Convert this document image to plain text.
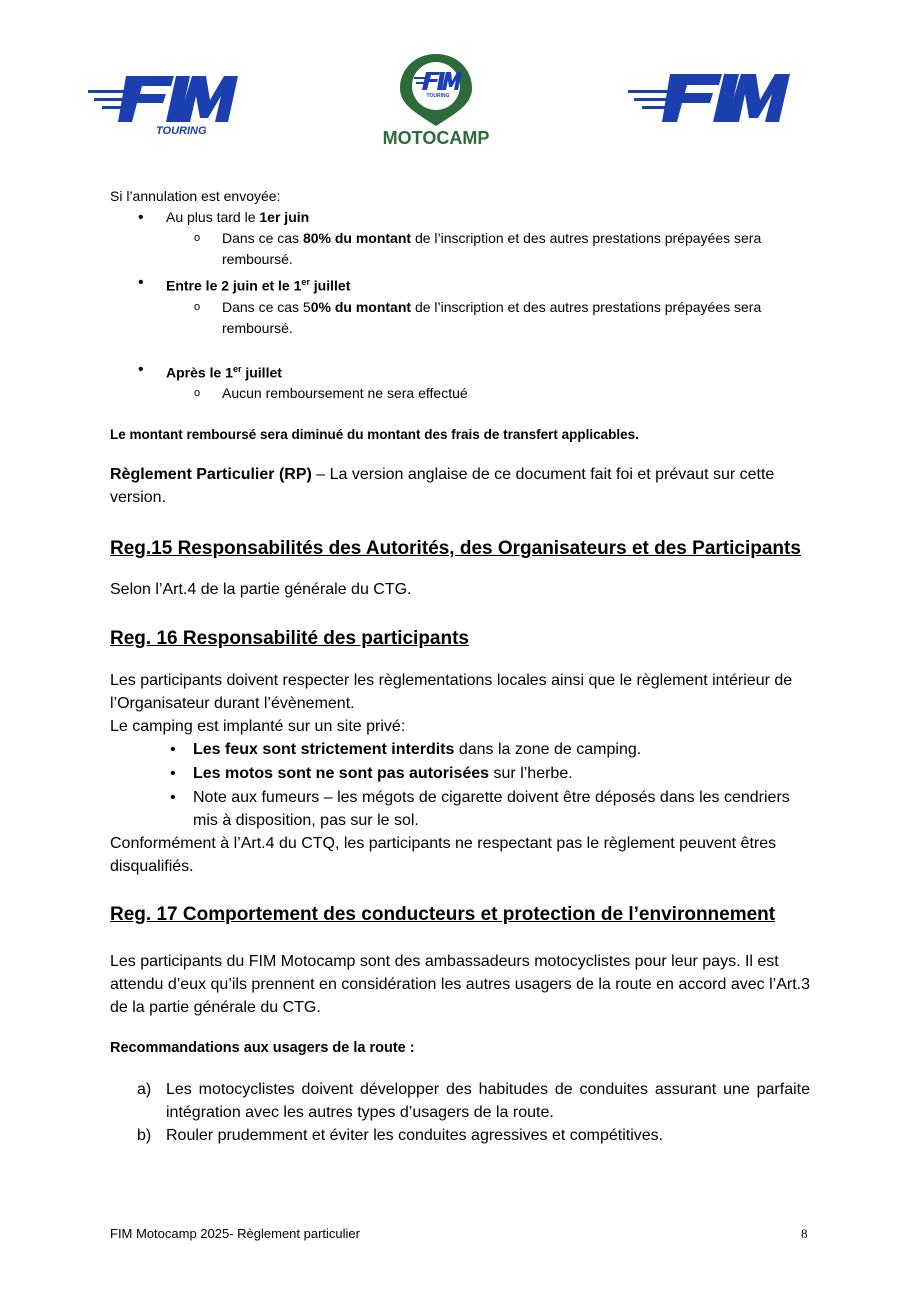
TOURING
TOURING
MOTOCAMP
Si l’annulation est envoyée:
• Au plus tard le 1er juin
o Dans ce cas 80% du montant de l’inscription et des autres prestations prépayées sera remboursé.
• Entre le 2 juin et le 1er juillet
o Dans ce cas 50% du montant de l’inscription et des autres prestations prépayées sera remboursé.
• Après le 1er juillet
o Aucun remboursement ne sera effectué

Le montant remboursé sera diminué du montant des frais de transfert applicables.

Règlement Particulier (RP) – La version anglaise de ce document fait foi et prévaut sur cette version.

Reg.15 Responsabilités des Autorités, des Organisateurs et des Participants

Selon l’Art.4 de la partie générale du CTG.

Reg. 16 Responsabilité des participants

Les participants doivent respecter les règlementations locales ainsi que le règlement intérieur de l’Organisateur durant l’évènement.

Le camping est implanté sur un site privé:

• Les feux sont strictement interdits dans la zone de camping.
• Les motos sont ne sont pas autorisées sur l’herbe.
• Note aux fumeurs – les mégots de cigarette doivent être déposés dans les cendriers mis à disposition, pas sur le sol.

Conformément à l’Art.4 du CTQ, les participants ne respectant pas le règlement peuvent êtres disqualifiés.

Reg. 17 Comportement des conducteurs et protection de l’environnement

Les participants du FIM Motocamp sont des ambassadeurs motocyclistes pour leur pays. Il est attendu d’eux qu’ils prennent en considération les autres usagers de la route en accord avec l’Art.3 de la partie générale du CTG.

Recommandations aux usagers de la route :

a) Les motocyclistes doivent développer des habitudes de conduites assurant une parfaite intégration avec les autres types d’usagers de la route.
b) Rouler prudemment et éviter les conduites agressives et compétitives.
FIM Motocamp 2025- Règlement particulier	8
